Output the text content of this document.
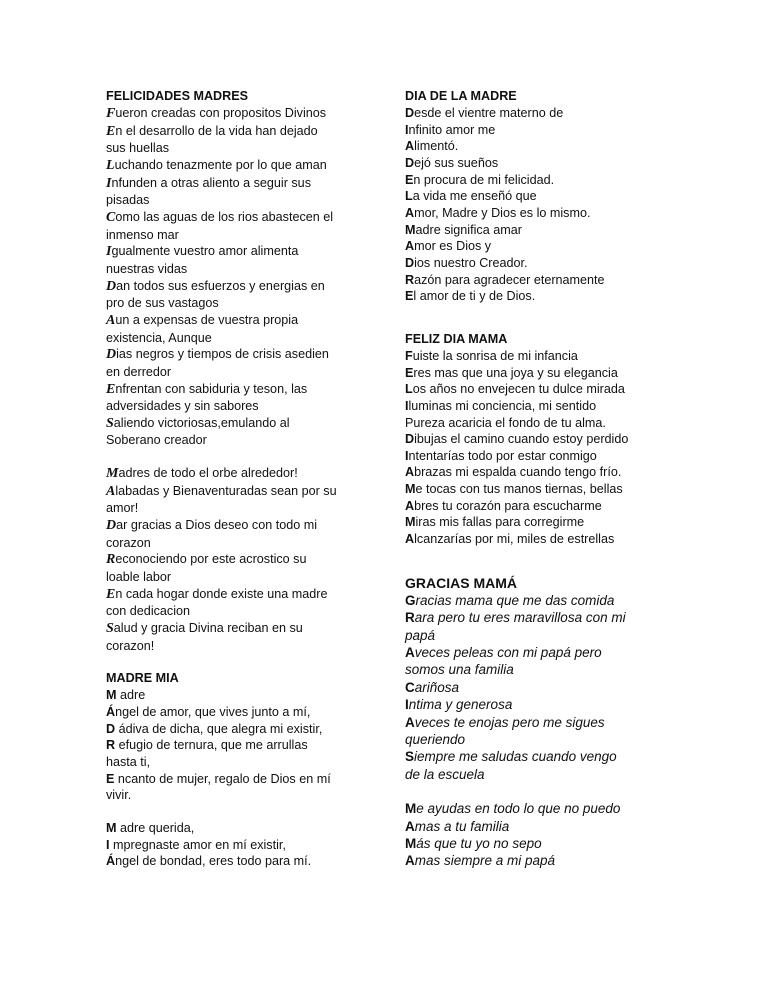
FELICIDADES MADRES

Fueron creadas con propositos Divinos

En el desarrollo de la vida han dejado

sus huellas

Luchando tenazmente por lo que aman

Infunden a otras aliento a seguir sus

pisadas

Como las aguas de los rios abastecen el

inmenso mar

Igualmente vuestro amor alimenta

nuestras vidas

Dan todos sus esfuerzos y energias en

pro de sus vastagos

Aun a expensas de vuestra propia

existencia, Aunque

Dias negros y tiempos de crisis asedien

en derredor

Enfrentan con sabiduria y teson, las

adversidades y sin sabores

Saliendo victoriosas,emulando al

Soberano creador

Madres de todo el orbe alrededor!

Alabadas y Bienaventuradas sean por su

amor!

Dar gracias a Dios deseo con todo mi

corazon

Reconociendo por este acrostico su

loable labor

En cada hogar donde existe una madre

con dedicacion

Salud y gracia Divina reciban en su

corazon!

MADRE MIA

M adre

Ángel de amor, que vives junto a mí,

D ádiva de dicha, que alegra mi existir,

R efugio de ternura, que me arrullas

hasta ti,

E ncanto de mujer, regalo de Dios en mí

vivir.

M adre querida,

I mpregnaste amor en mí existir,

Ángel de bondad, eres todo para mí.

DIA DE LA MADRE

Desde el vientre materno de

Infinito amor me

Alimentó.

Dejó sus sueños

En procura de mi felicidad.

La vida me enseñó que

Amor, Madre y Dios es lo mismo.

Madre significa amar

Amor es Dios y

Dios nuestro Creador.

Razón para agradecer eternamente

El amor de ti y de Dios.

FELIZ DIA MAMA

Fuiste la sonrisa de mi infancia

Eres mas que una joya y su elegancia

Los años no envejecen tu dulce mirada

Iluminas mi conciencia, mi sentido

Pureza acaricia el fondo de tu alma.

Dibujas el camino cuando estoy perdido

Intentarías todo por estar conmigo

Abrazas mi espalda cuando tengo frío.

Me tocas con tus manos tiernas, bellas

Abres tu corazón para escucharme

Miras mis fallas para corregirme

Alcanzarías por mi, miles de estrellas

GRACIAS MAMÁ

Gracias mama que me das comida

Rara pero tu eres maravillosa con mi

papá

Aveces peleas con mi papá pero

somos una familia

Cariñosa

Intima y generosa

Aveces te enojas pero me sigues

queriendo

Siempre me saludas cuando vengo

de la escuela

Me ayudas en todo lo que no puedo

Amas a tu familia

Más que tu yo no sepo

Amas siempre a mi papá
